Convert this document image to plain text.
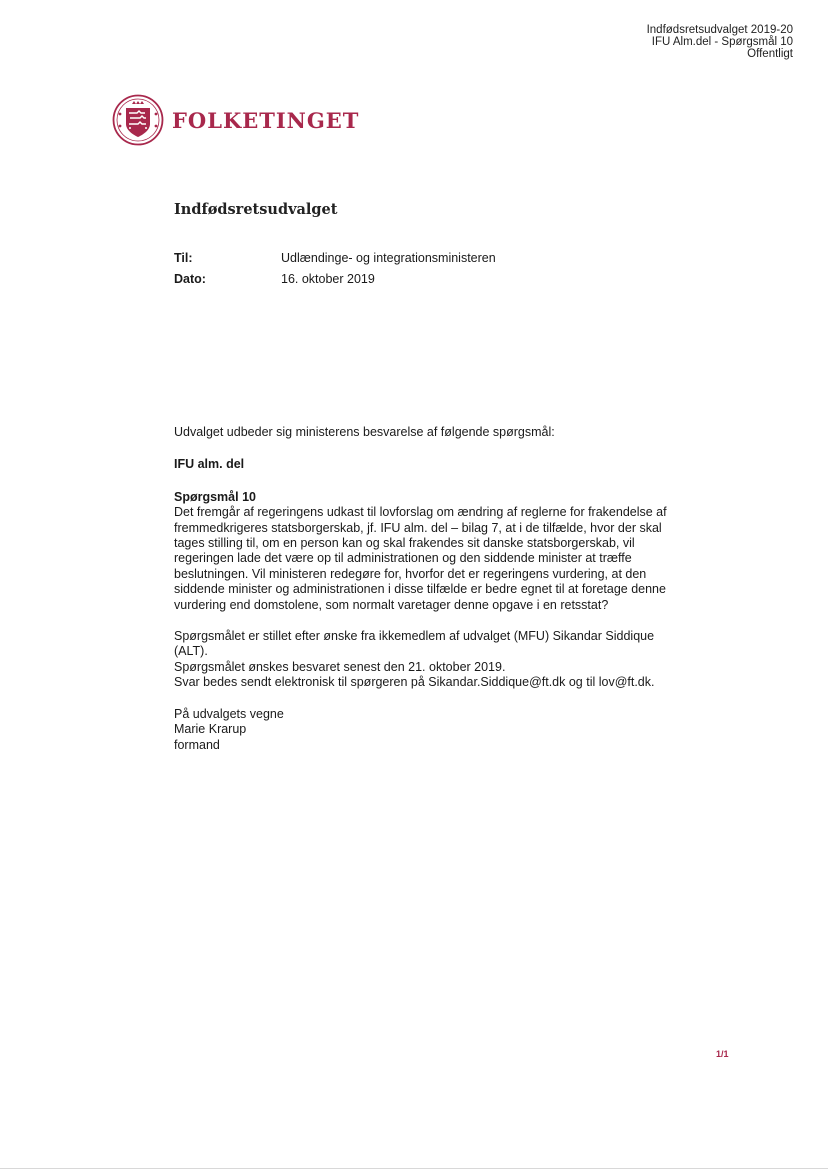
Indfødsretsudvalget 2019-20
IFU Alm.del - Spørgsmål 10
Offentligt
FOLKETINGET
Indfødsretsudvalget
Til:	Udlændinge- og integrationsministeren
Dato:	16. oktober 2019

Udvalget udbeder sig ministerens besvarelse af følgende spørgsmål:

IFU alm. del

Spørgsmål 10

Det fremgår af regeringens udkast til lovforslag om ændring af reglerne for frakendelse af fremmedkrigeres statsborgerskab, jf. IFU alm. del – bilag 7, at i de tilfælde, hvor der skal tages stilling til, om en person kan og skal frakendes sit danske statsborgerskab, vil regeringen lade det være op til administrationen og den siddende minister at træffe beslutningen. Vil ministeren redegøre for, hvorfor det er regeringens vurdering, at den siddende minister og administrationen i disse tilfælde er bedre egnet til at foretage denne vurdering end domstolene, som normalt varetager denne opgave i en retsstat?

Spørgsmålet er stillet efter ønske fra ikkemedlem af udvalget (MFU) Sikandar Siddique (ALT).

Spørgsmålet ønskes besvaret senest den 21. oktober 2019.

Svar bedes sendt elektronisk til spørgeren på Sikandar.Siddique@ft.dk og til lov@ft.dk.

På udvalgets vegne

Marie Krarup

formand

1/1
